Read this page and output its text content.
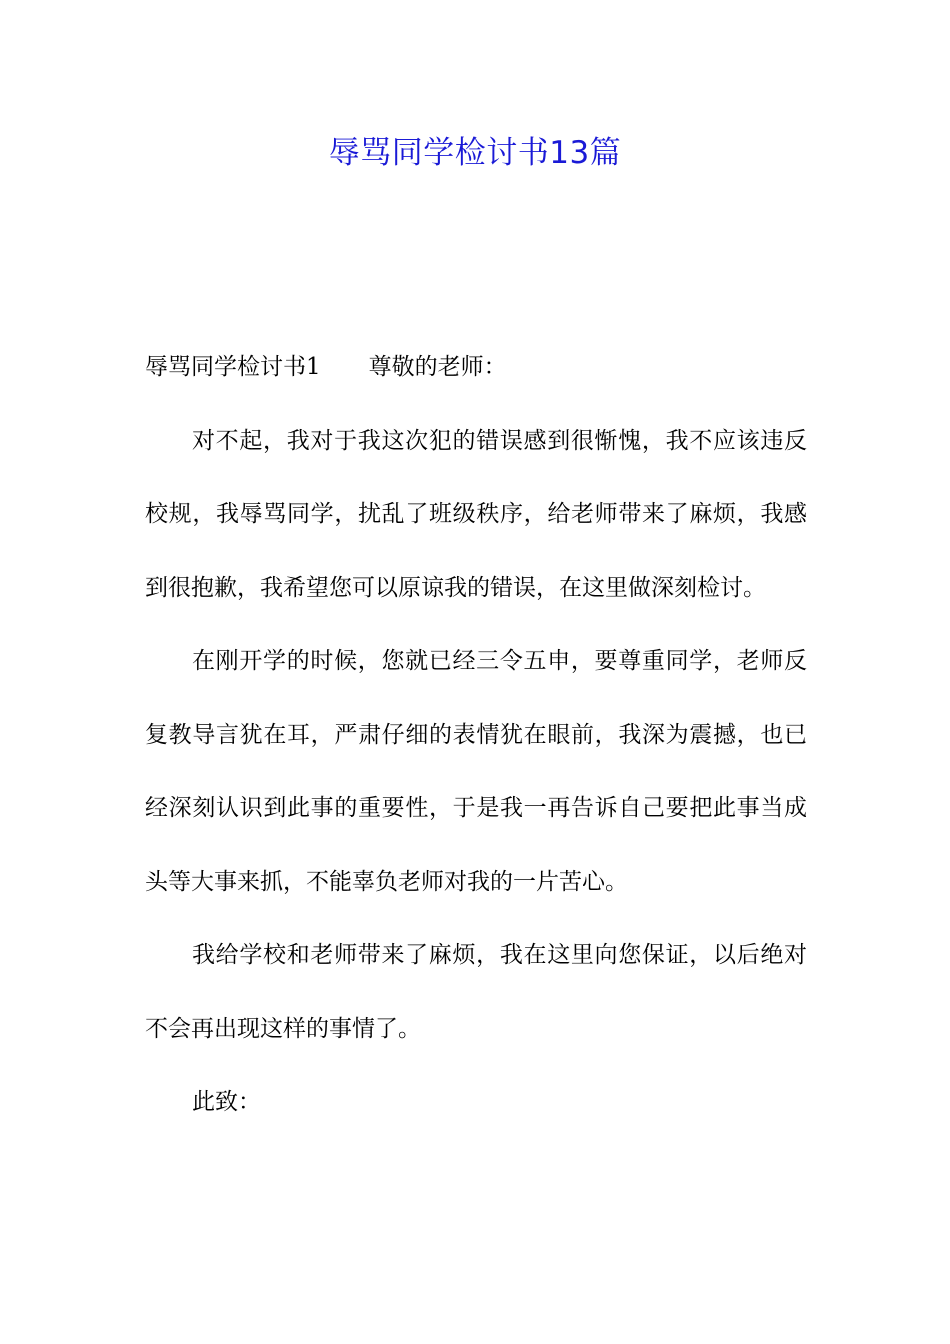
辱骂同学检讨书13篇

辱骂同学检讨书1 尊敬的老师：

对不起，我对于我这次犯的错误感到很惭愧，我不应该违反校规，我辱骂同学，扰乱了班级秩序，给老师带来了麻烦，我感到很抱歉，我希望您可以原谅我的错误，在这里做深刻检讨。

在刚开学的时候，您就已经三令五申，要尊重同学，老师反复教导言犹在耳，严肃仔细的表情犹在眼前，我深为震撼，也已经深刻认识到此事的重要性，于是我一再告诉自己要把此事当成头等大事来抓，不能辜负老师对我的一片苦心。

我给学校和老师带来了麻烦，我在这里向您保证，以后绝对不会再出现这样的事情了。

此致：
